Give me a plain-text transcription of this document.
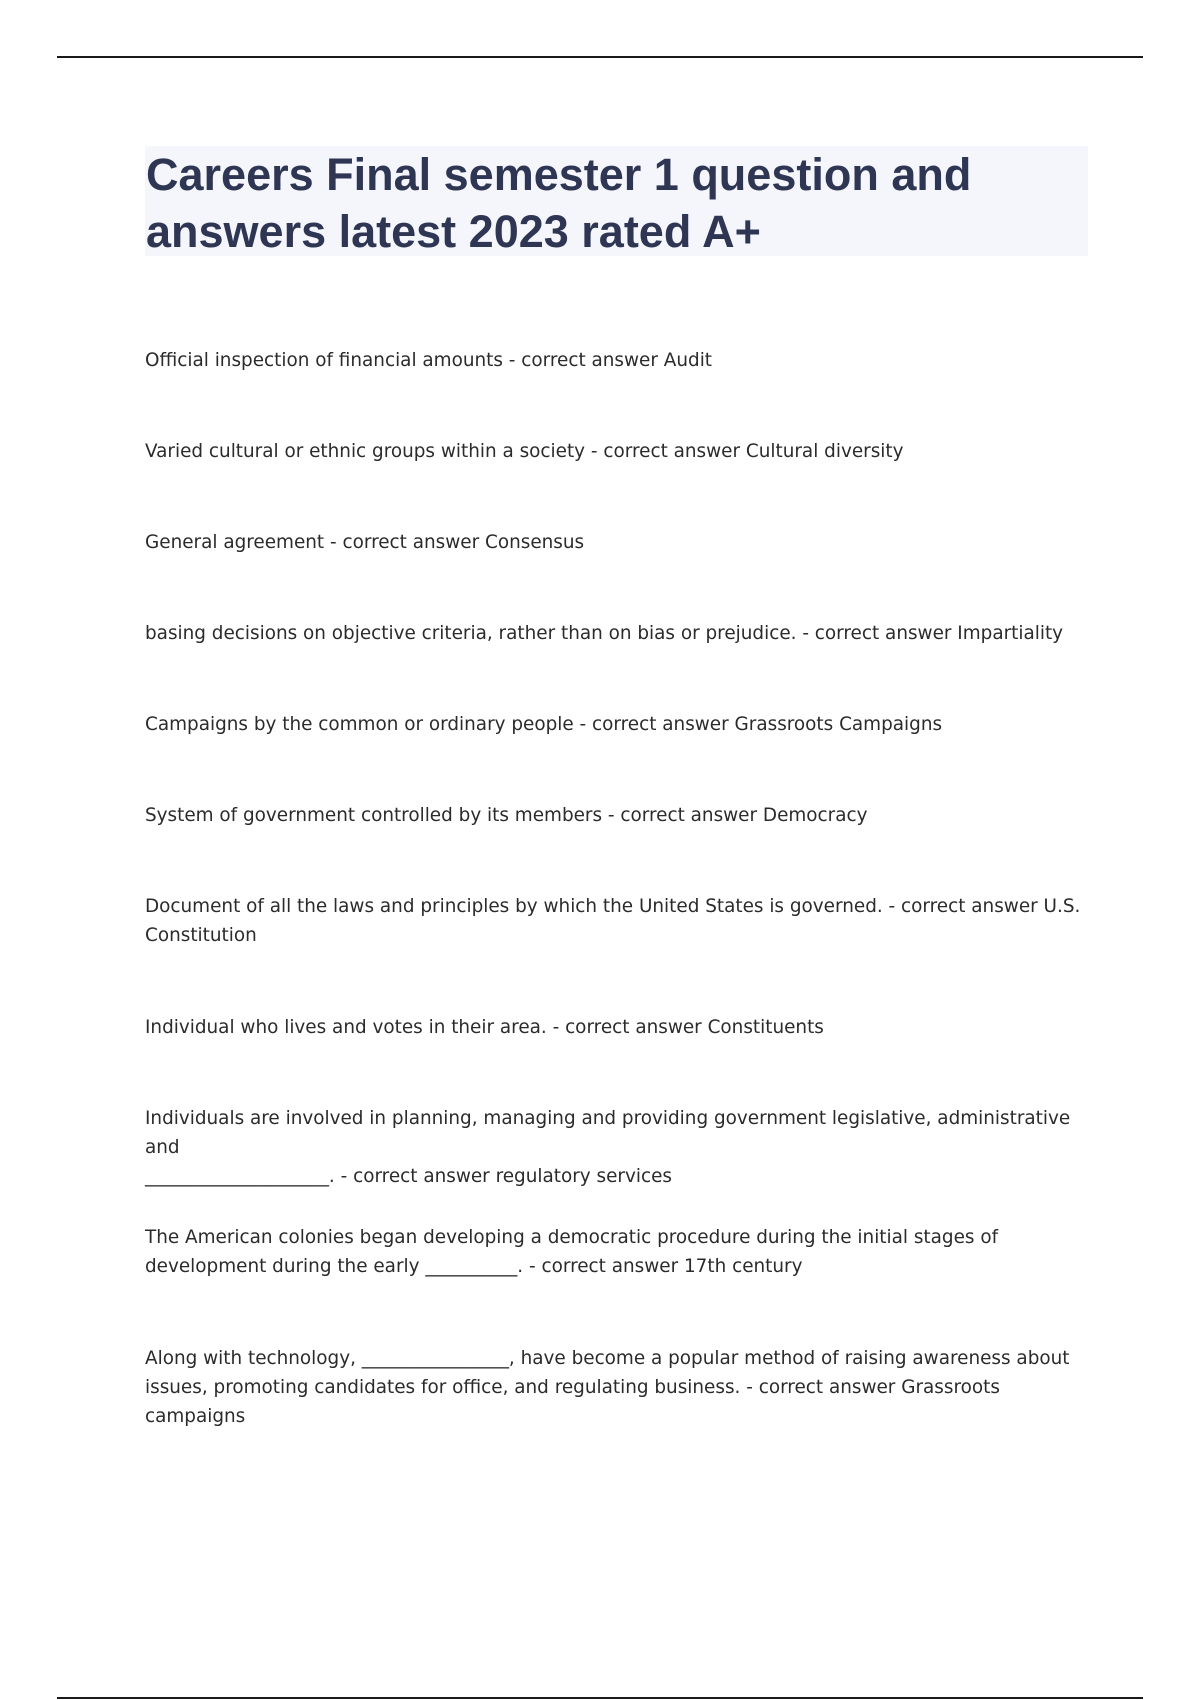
Careers Final semester 1 question and
answers latest 2023 rated A+
Official inspection of financial amounts - correct answer Audit
Varied cultural or ethnic groups within a society - correct answer Cultural diversity
General agreement - correct answer Consensus
basing decisions on objective criteria, rather than on bias or prejudice. - correct answer Impartiality
Campaigns by the common or ordinary people - correct answer Grassroots Campaigns
System of government controlled by its members - correct answer Democracy
Document of all the laws and principles by which the United States is governed. - correct answer U.S.
Constitution
Individual who lives and votes in their area. - correct answer Constituents
Individuals are involved in planning, managing and providing government legislative, administrative and
____________________. - correct answer regulatory services
The American colonies began developing a democratic procedure during the initial stages of
development during the early __________. - correct answer 17th century
Along with technology, ________________, have become a popular method of raising awareness about
issues, promoting candidates for office, and regulating business. - correct answer Grassroots campaigns
